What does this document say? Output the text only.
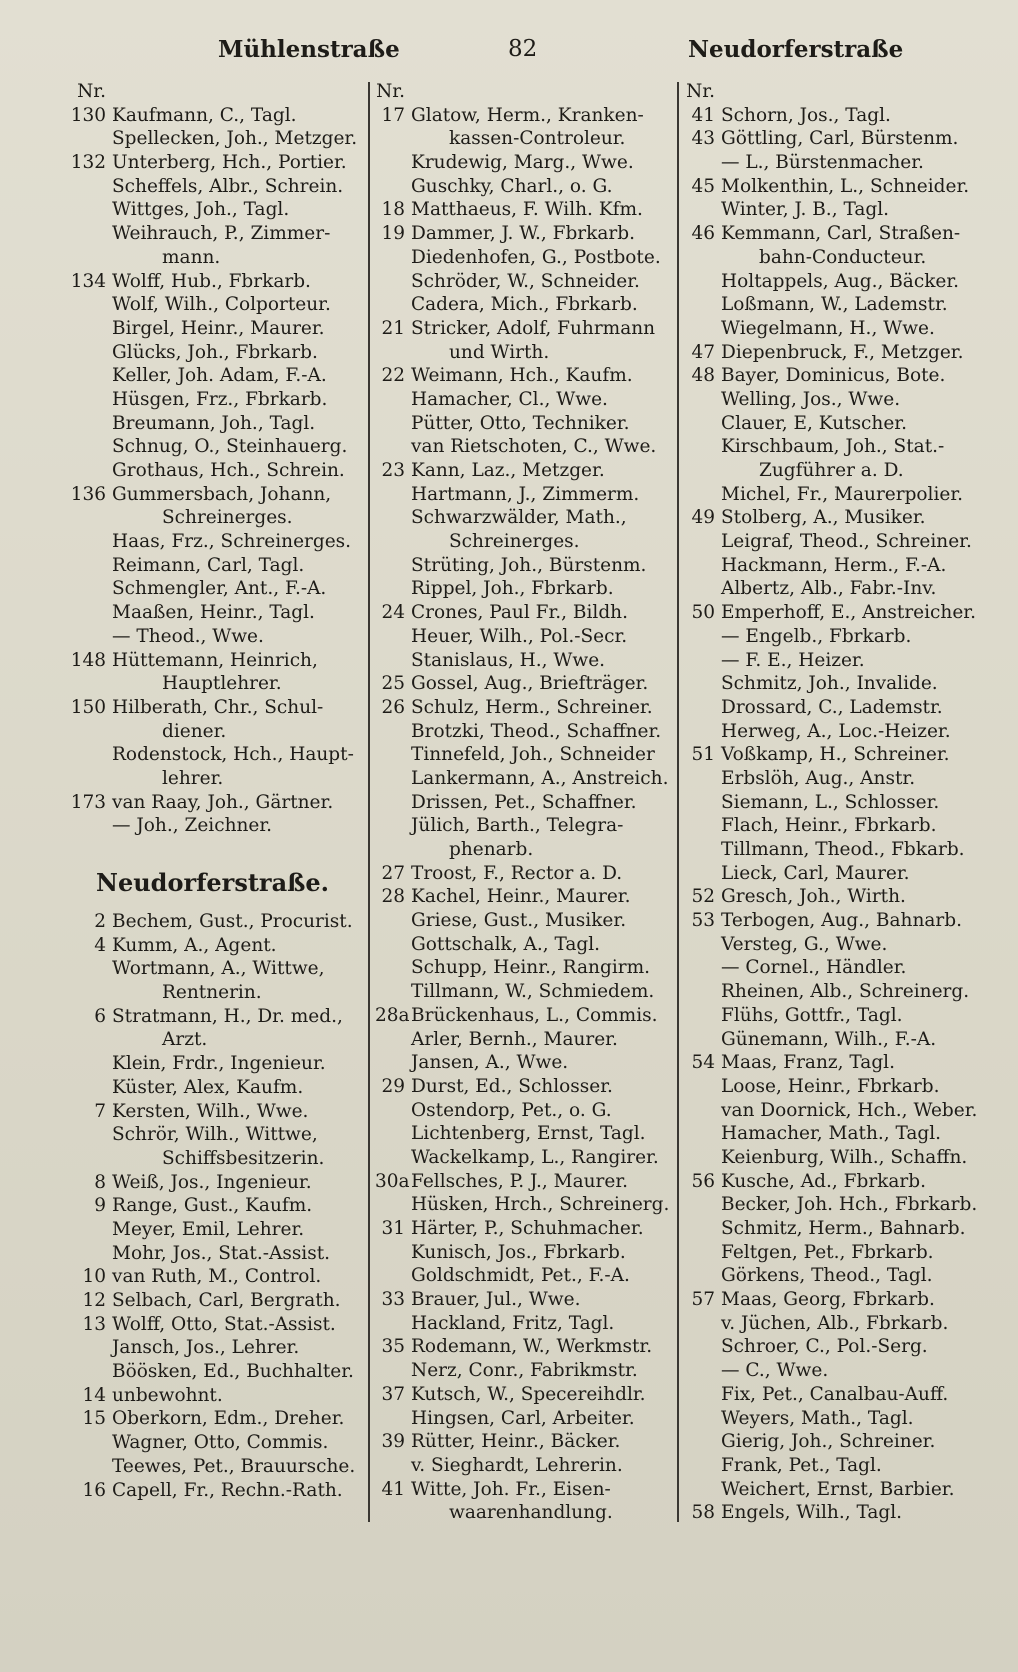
Mühlenstraße	82	Neudorferstraße
Nr.
130 Kaufmann, C., Tagl.
Spellecken, Joh., Metzger.
132 Unterberg, Hch., Portier.
Scheffels, Albr., Schrein.
Wittges, Joh., Tagl.
Weihrauch, P., Zimmer-
mann.
134 Wolff, Hub., Fbrkarb.
Wolf, Wilh., Colporteur.
Birgel, Heinr., Maurer.
Glücks, Joh., Fbrkarb.
Keller, Joh. Adam, F.-A.
Hüsgen, Frz., Fbrkarb.
Breumann, Joh., Tagl.
Schnug, O., Steinhauerg.
Grothaus, Hch., Schrein.
136 Gummersbach, Johann,
Schreinerges.
Haas, Frz., Schreinerges.
Reimann, Carl, Tagl.
Schmengler, Ant., F.-A.
Maaßen, Heinr., Tagl.
— Theod., Wwe.
148 Hüttemann, Heinrich,
Hauptlehrer.
150 Hilberath, Chr., Schul-
diener.
Rodenstock, Hch., Haupt-
lehrer.
173 van Raay, Joh., Gärtner.
— Joh., Zeichner.
Neudorferstraße.
2 Bechem, Gust., Procurist.
4 Kumm, A., Agent.
Wortmann, A., Wittwe,
Rentnerin.
6 Stratmann, H., Dr. med.,
Arzt.
Klein, Frdr., Ingenieur.
Küster, Alex, Kaufm.
7 Kersten, Wilh., Wwe.
Schrör, Wilh., Wittwe,
Schiffsbesitzerin.
8 Weiß, Jos., Ingenieur.
9 Range, Gust., Kaufm.
Meyer, Emil, Lehrer.
Mohr, Jos., Stat.-Assist.
10 van Ruth, M., Control.
12 Selbach, Carl, Bergrath.
13 Wolff, Otto, Stat.-Assist.
Jansch, Jos., Lehrer.
Böösken, Ed., Buchhalter.
14 unbewohnt.
15 Oberkorn, Edm., Dreher.
Wagner, Otto, Commis.
Teewes, Pet., Brauursche.
16 Capell, Fr., Rechn.-Rath.
Nr.
17 Glatow, Herm., Kranken-
kassen-Controleur.
Krudewig, Marg., Wwe.
Guschky, Charl., o. G.
18 Matthaeus, F. Wilh. Kfm.
19 Dammer, J. W., Fbrkarb.
Diedenhofen, G., Postbote.
Schröder, W., Schneider.
Cadera, Mich., Fbrkarb.
21 Stricker, Adolf, Fuhrmann
und Wirth.
22 Weimann, Hch., Kaufm.
Hamacher, Cl., Wwe.
Pütter, Otto, Techniker.
van Rietschoten, C., Wwe.
23 Kann, Laz., Metzger.
Hartmann, J., Zimmerm.
Schwarzwälder, Math.,
Schreinerges.
Strüting, Joh., Bürstenm.
Rippel, Joh., Fbrkarb.
24 Crones, Paul Fr., Bildh.
Heuer, Wilh., Pol.-Secr.
Stanislaus, H., Wwe.
25 Gossel, Aug., Briefträger.
26 Schulz, Herm., Schreiner.
Brotzki, Theod., Schaffner.
Tinnefeld, Joh., Schneider
Lankermann, A., Anstreich.
Drissen, Pet., Schaffner.
Jülich, Barth., Telegra-
phenarb.
27 Troost, F., Rector a. D.
28 Kachel, Heinr., Maurer.
Griese, Gust., Musiker.
Gottschalk, A., Tagl.
Schupp, Heinr., Rangirm.
Tillmann, W., Schmiedem.
28aBrückenhaus, L., Commis.
Arler, Bernh., Maurer.
Jansen, A., Wwe.
29 Durst, Ed., Schlosser.
Ostendorp, Pet., o. G.
Lichtenberg, Ernst, Tagl.
Wackelkamp, L., Rangirer.
30aFellsches, P. J., Maurer.
Hüsken, Hrch., Schreinerg.
31 Härter, P., Schuhmacher.
Kunisch, Jos., Fbrkarb.
Goldschmidt, Pet., F.-A.
33 Brauer, Jul., Wwe.
Hackland, Fritz, Tagl.
35 Rodemann, W., Werkmstr.
Nerz, Conr., Fabrikmstr.
37 Kutsch, W., Specereihdlr.
Hingsen, Carl, Arbeiter.
39 Rütter, Heinr., Bäcker.
v. Sieghardt, Lehrerin.
41 Witte, Joh. Fr., Eisen-
waarenhandlung.
Nr.
41 Schorn, Jos., Tagl.
43 Göttling, Carl, Bürstenm.
— L., Bürstenmacher.
45 Molkenthin, L., Schneider.
Winter, J. B., Tagl.
46 Kemmann, Carl, Straßen-
bahn-Conducteur.
Holtappels, Aug., Bäcker.
Loßmann, W., Lademstr.
Wiegelmann, H., Wwe.
47 Diepenbruck, F., Metzger.
48 Bayer, Dominicus, Bote.
Welling, Jos., Wwe.
Clauer, E, Kutscher.
Kirschbaum, Joh., Stat.-
Zugführer a. D.
Michel, Fr., Maurerpolier.
49 Stolberg, A., Musiker.
Leigraf, Theod., Schreiner.
Hackmann, Herm., F.-A.
Albertz, Alb., Fabr.-Inv.
50 Emperhoff, E., Anstreicher.
— Engelb., Fbrkarb.
— F. E., Heizer.
Schmitz, Joh., Invalide.
Drossard, C., Lademstr.
Herweg, A., Loc.-Heizer.
51 Voßkamp, H., Schreiner.
Erbslöh, Aug., Anstr.
Siemann, L., Schlosser.
Flach, Heinr., Fbrkarb.
Tillmann, Theod., Fbkarb.
Lieck, Carl, Maurer.
52 Gresch, Joh., Wirth.
53 Terbogen, Aug., Bahnarb.
Versteg, G., Wwe.
— Cornel., Händler.
Rheinen, Alb., Schreinerg.
Flühs, Gottfr., Tagl.
Günemann, Wilh., F.-A.
54 Maas, Franz, Tagl.
Loose, Heinr., Fbrkarb.
van Doornick, Hch., Weber.
Hamacher, Math., Tagl.
Keienburg, Wilh., Schaffn.
56 Kusche, Ad., Fbrkarb.
Becker, Joh. Hch., Fbrkarb.
Schmitz, Herm., Bahnarb.
Feltgen, Pet., Fbrkarb.
Görkens, Theod., Tagl.
57 Maas, Georg, Fbrkarb.
v. Jüchen, Alb., Fbrkarb.
Schroer, C., Pol.-Serg.
— C., Wwe.
Fix, Pet., Canalbau-Auff.
Weyers, Math., Tagl.
Gierig, Joh., Schreiner.
Frank, Pet., Tagl.
Weichert, Ernst, Barbier.
58 Engels, Wilh., Tagl.
